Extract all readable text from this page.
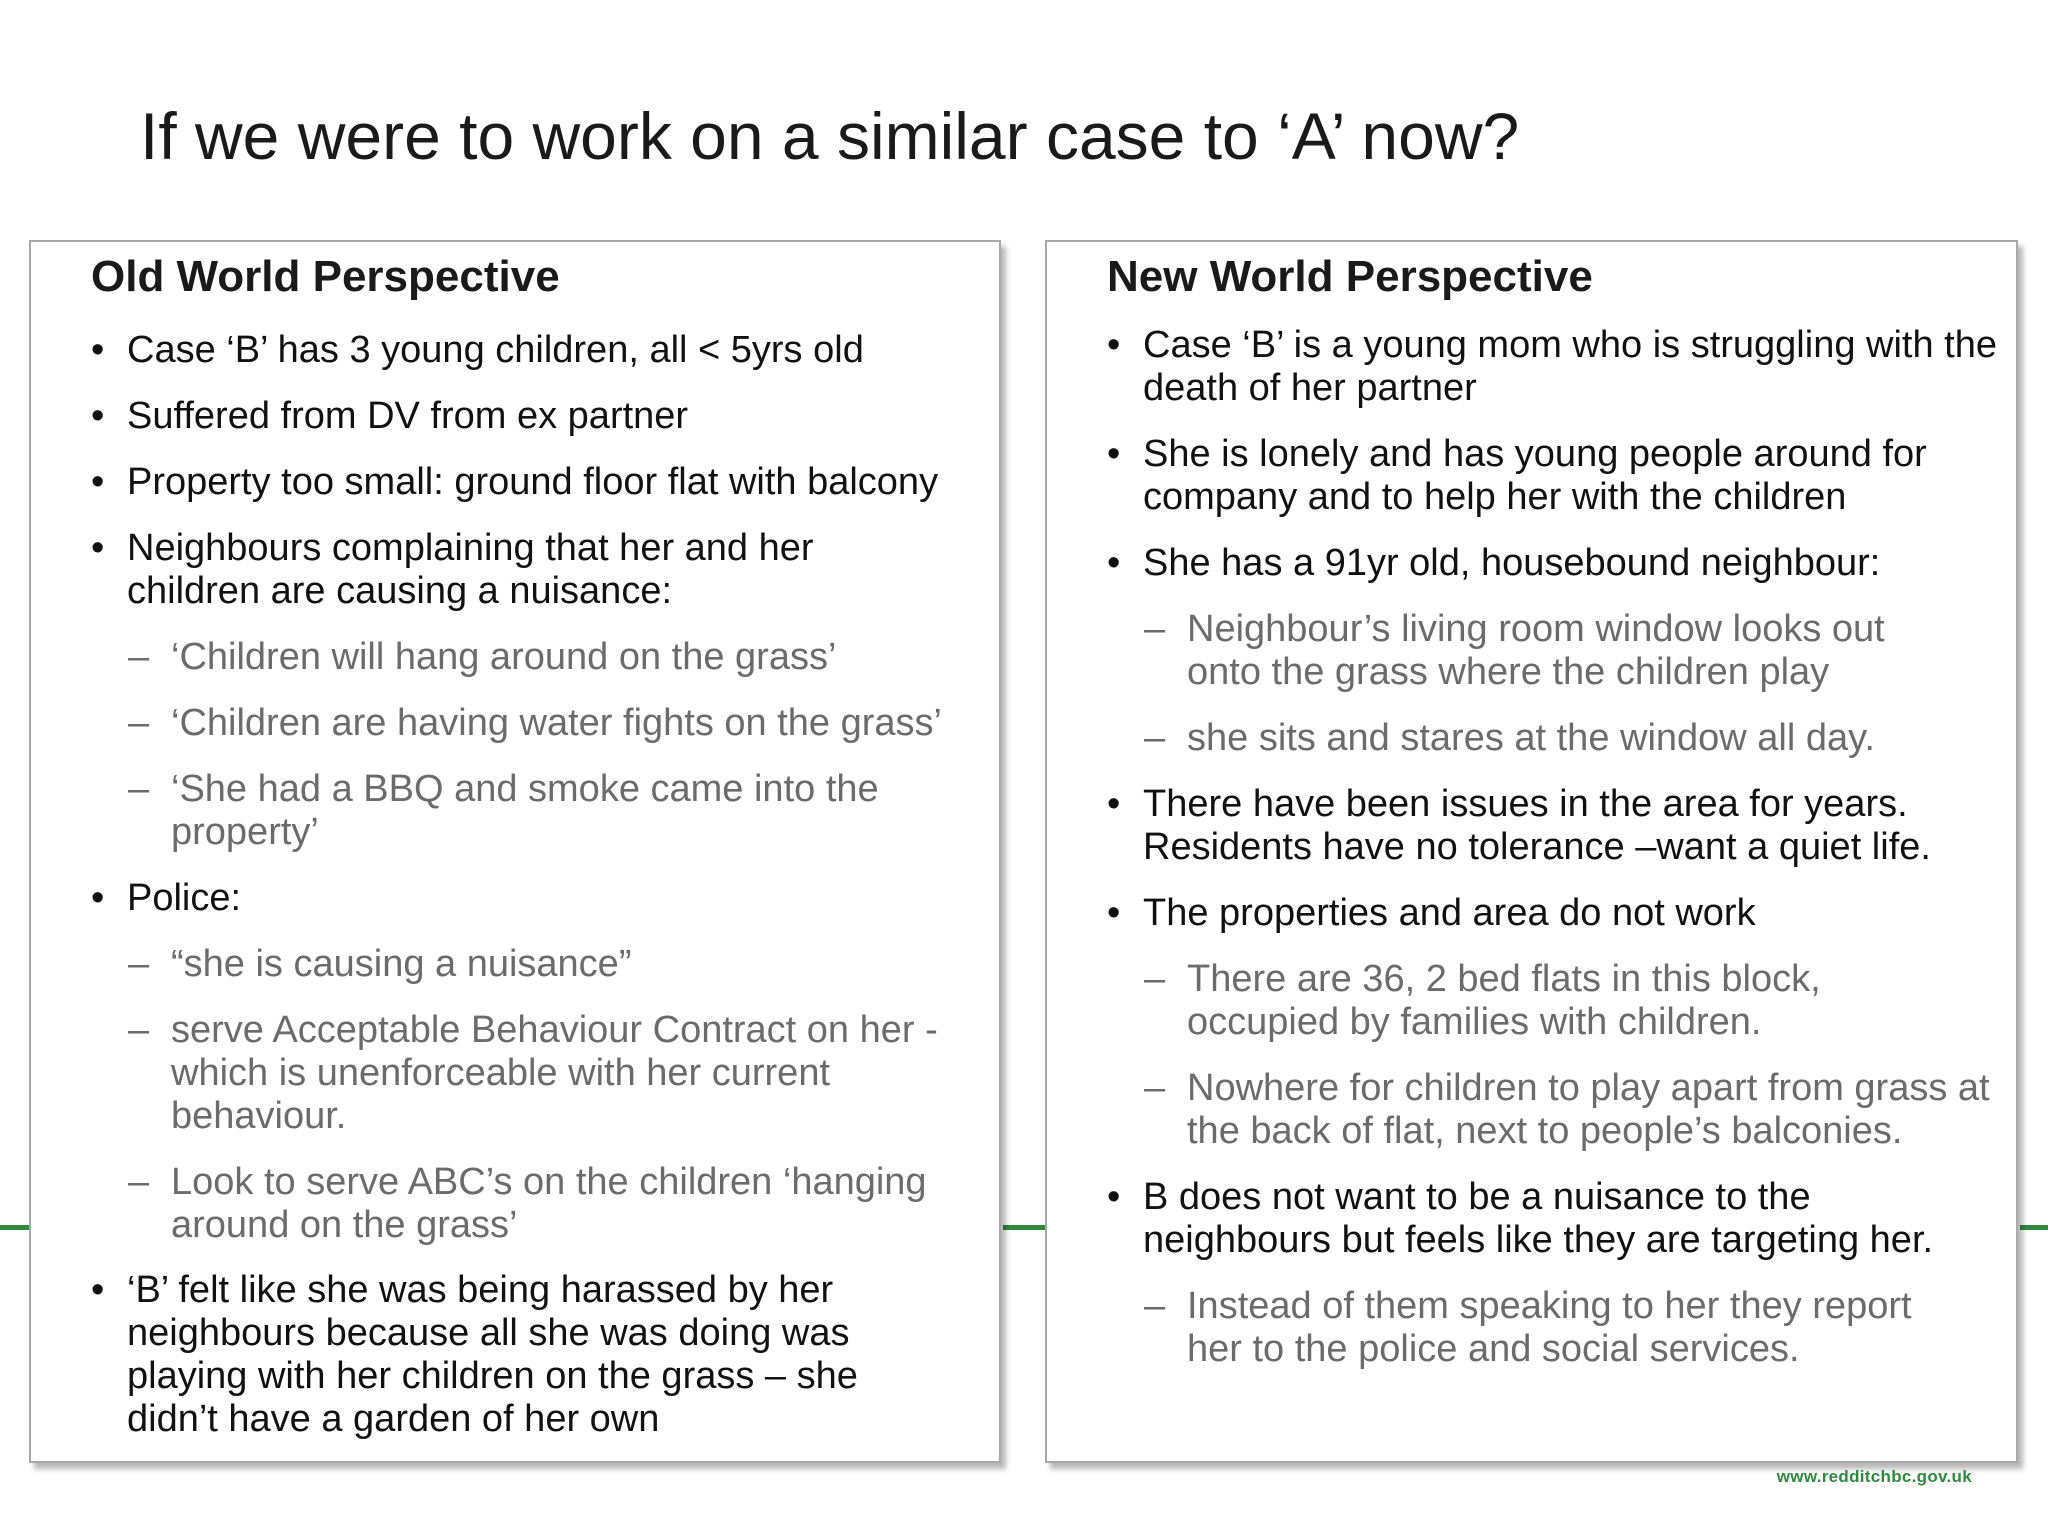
If we were to work on a similar case to ‘A’ now?
Old World Perspective
• Case ‘B’ has 3 young children, all < 5yrs old
• Suffered from DV from ex partner
• Property too small: ground floor flat with balcony
• Neighbours complaining that her and her children are causing a nuisance:
– ‘Children will hang around on the grass’
– ‘Children are having water fights on the grass’
– ‘She had a BBQ and smoke came into the property’
• Police:
– “she is causing a nuisance”
– serve Acceptable Behaviour Contract on her - which is unenforceable with her current behaviour.
– Look to serve ABC’s on the children ‘hanging around on the grass’
• ‘B’ felt like she was being harassed by her neighbours because all she was doing was playing with her children on the grass – she didn’t have a garden of her own
New World Perspective
• Case ‘B’ is a young mom who is struggling with the death of her partner
• She is lonely and has young people around for company and to help her with the children
• She has a 91yr old, housebound neighbour:
– Neighbour’s living room window looks out onto the grass where the children play
– she sits and stares at the window all day.
• There have been issues in the area for years. Residents have no tolerance –want a quiet life.
• The properties and area do not work
– There are 36, 2 bed flats in this block, occupied by families with children.
– Nowhere for children to play apart from grass at the back of flat, next to people’s balconies.
• B does not want to be a nuisance to the neighbours but feels like they are targeting her.
– Instead of them speaking to her they report her to the police and social services.
www.redditchbc.gov.uk
